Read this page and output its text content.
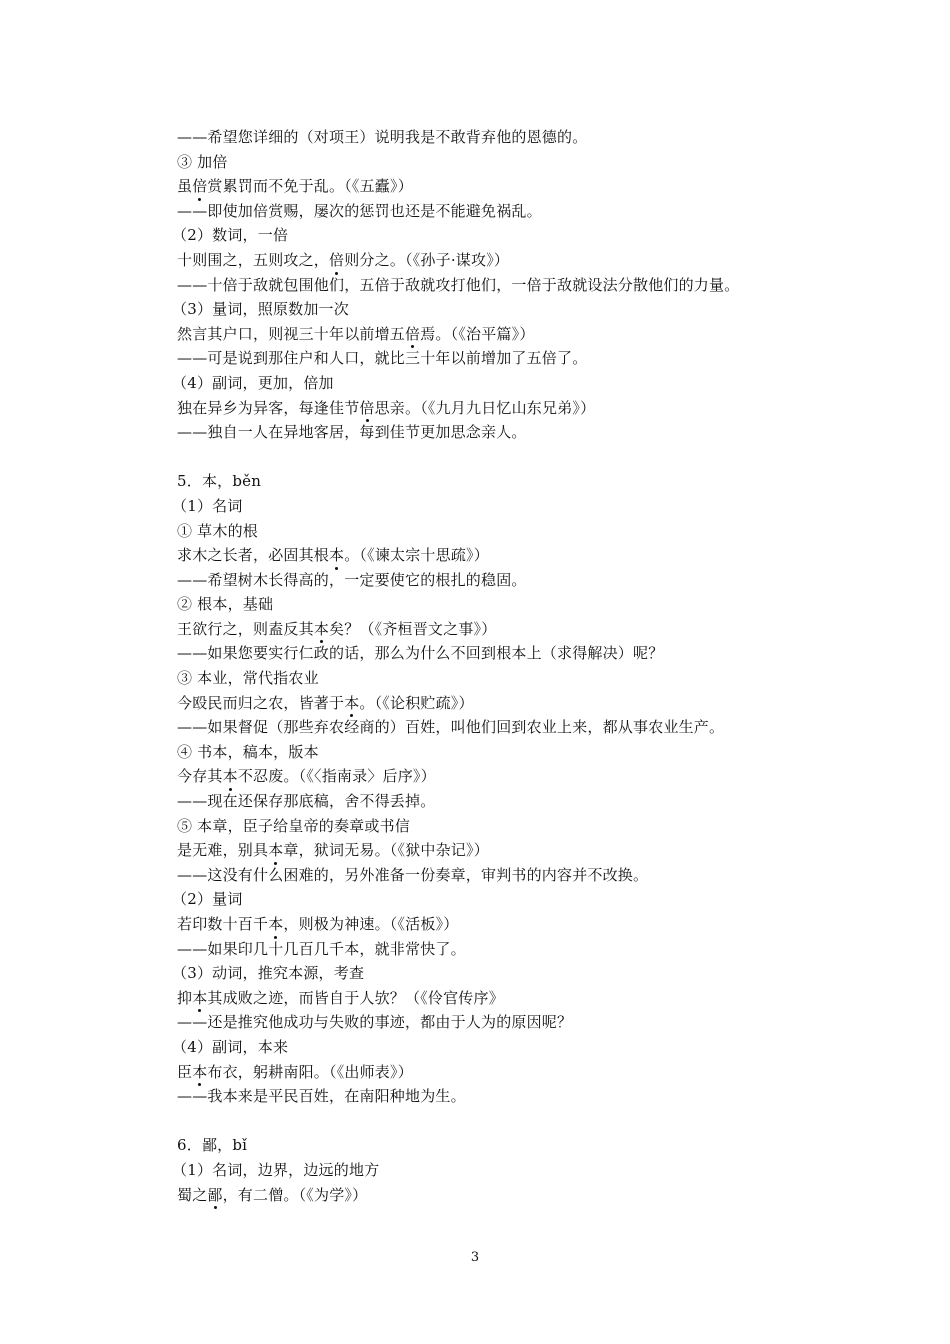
——希望您详细的（对项王）说明我是不敢背弃他的恩德的。
③ 加倍
虽倍赏累罚而不免于乱。（《五蠹》）
——即使加倍赏赐，屡次的惩罚也还是不能避免祸乱。
（2）数词，一倍
十则围之，五则攻之，倍则分之。（《孙子·谋攻》）
——十倍于敌就包围他们，五倍于敌就攻打他们，一倍于敌就设法分散他们的力量。
（3）量词，照原数加一次
然言其户口，则视三十年以前增五倍焉。（《治平篇》）
——可是说到那住户和人口，就比三十年以前增加了五倍了。
（4）副词，更加，倍加
独在异乡为异客，每逢佳节倍思亲。（《九月九日忆山东兄弟》）
——独自一人在异地客居，每到佳节更加思念亲人。
5．本，běn
（1）名词
① 草木的根
求木之长者，必固其根本。（《谏太宗十思疏》）
——希望树木长得高的，一定要使它的根扎的稳固。
② 根本，基础
王欲行之，则盍反其本矣？（《齐桓晋文之事》）
——如果您要实行仁政的话，那么为什么不回到根本上（求得解决）呢？
③ 本业，常代指农业
今殴民而归之农，皆著于本。（《论积贮疏》）
——如果督促（那些弃农经商的）百姓，叫他们回到农业上来，都从事农业生产。
④ 书本，稿本，版本
今存其本不忍废。（《〈指南录〉后序》）
——现在还保存那底稿，舍不得丢掉。
⑤ 本章，臣子给皇帝的奏章或书信
是无难，别具本章，狱词无易。（《狱中杂记》）
——这没有什么困难的，另外准备一份奏章，审判书的内容并不改换。
（2）量词
若印数十百千本，则极为神速。（《活板》）
——如果印几十几百几千本，就非常快了。
（3）动词，推究本源，考查
抑本其成败之迹，而皆自于人欤？（《伶官传序》
——还是推究他成功与失败的事迹，都由于人为的原因呢？
（4）副词，本来
臣本布衣，躬耕南阳。（《出师表》）
——我本来是平民百姓，在南阳种地为生。
6．鄙，bǐ
（1）名词，边界，边远的地方
蜀之鄙，有二僧。（《为学》）
3
